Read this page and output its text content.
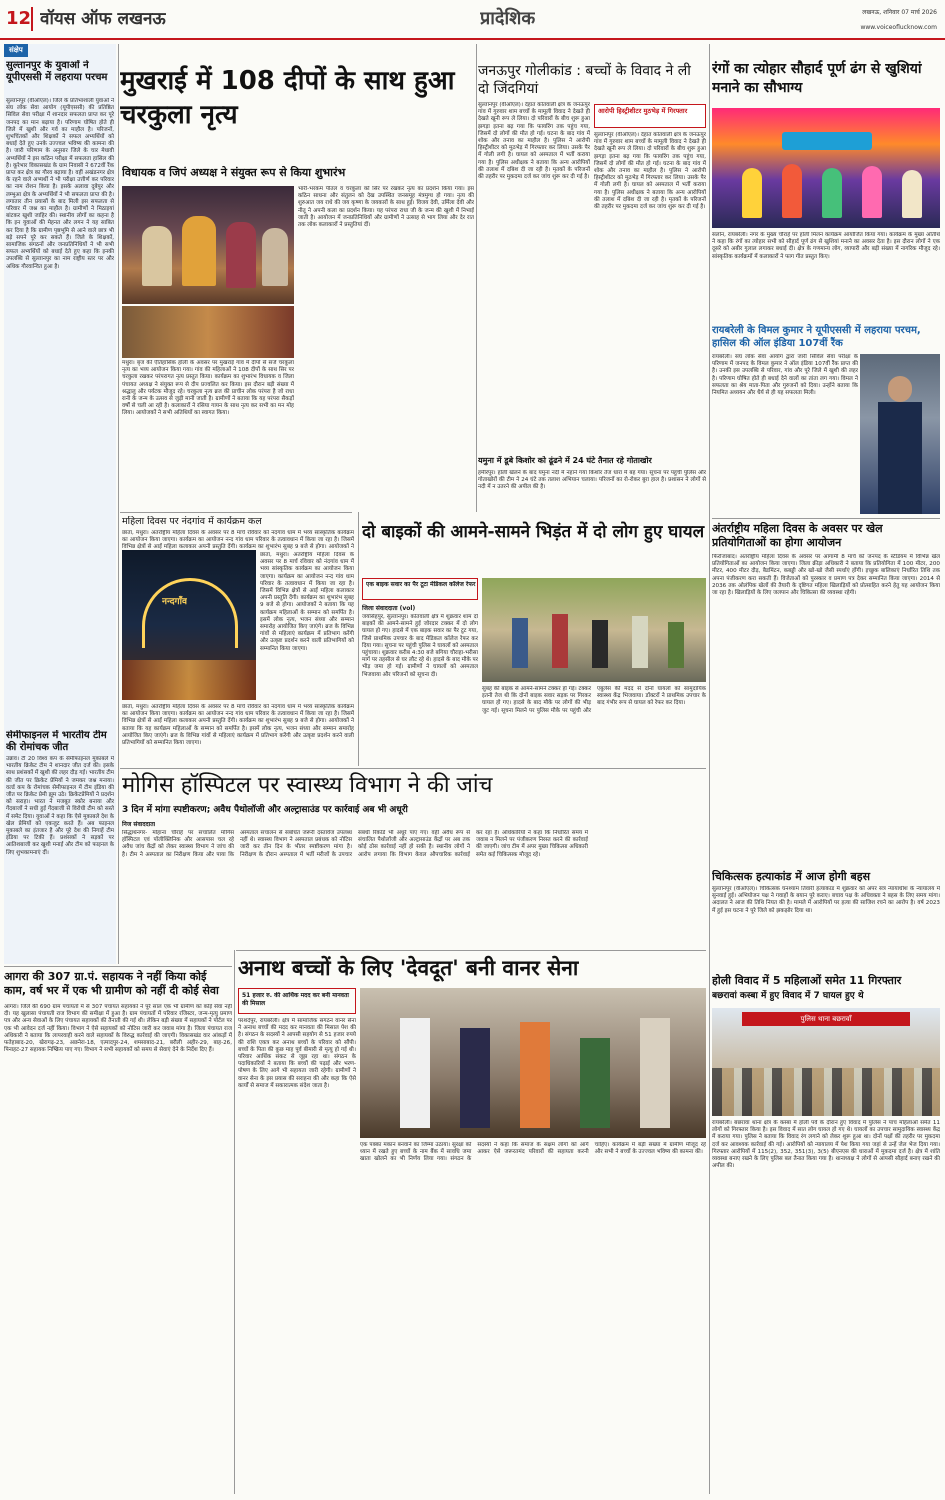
12 वॉयस ऑफ लखनऊ	प्रादेशिक	लखनऊ, शनिवार 07 मार्च 2026
www.voiceoflucknow.com
संक्षेप
सुल्तानपुर के युवाओं ने यूपीएससी में लहराया परचम
सुल्तानपुर (वीओएल)। जिले के प्रतिभाशाली युवाओं ने संघ लोक सेवा आयोग (यूपीएससी) की प्रतिष्ठित सिविल सेवा परीक्षा में शानदार सफलता प्राप्त कर पूरे जनपद का मान बढ़ाया है। परिणाम घोषित होते ही जिले में खुशी और गर्व का माहौल है। परिजनों, शुभचिंतकों और शिक्षकों ने सफल अभ्यर्थियों को बधाई देते हुए उनके उज्ज्वल भविष्य की कामना की है। जारी परिणाम के अनुसार जिले के चार मेधावी अभ्यर्थियों ने इस कठिन परीक्षा में सफलता हासिल की है। कूरेभार विकासखंड के ग्राम निवासी ने 672वीं रैंक प्राप्त कर क्षेत्र का गौरव बढ़ाया है। वहीं अखंडनगर क्षेत्र के रहने वाले अभ्यर्थी ने भी परीक्षा उत्तीर्ण कर परिवार का नाम रोशन किया है। इसके अलावा दूबेपुर और लम्भुआ क्षेत्र के अभ्यर्थियों ने भी सफलता प्राप्त की है। लगातार तीन प्रयासों के बाद मिली इस सफलता से परिवार में जश्न का माहौल है। ग्रामीणों ने मिठाइयां बांटकर खुशी जाहिर की। स्थानीय लोगों का कहना है कि इन युवाओं की मेहनत और लगन ने यह साबित कर दिया है कि ग्रामीण पृष्ठभूमि से आने वाले छात्र भी बड़े सपने पूरे कर सकते हैं। जिले के शिक्षकों, सामाजिक संगठनों और जनप्रतिनिधियों ने भी सभी सफल अभ्यर्थियों को बधाई देते हुए कहा कि इनकी उपलब्धि से सुल्तानपुर का नाम राष्ट्रीय स्तर पर और अधिक गौरवान्वित हुआ है।
सेमीफाइनल में भारतीय टीम की रोमांचक जीत
उन्नाव। टी 20 विश्व कप के सेमीफाइनल मुकाबले में भारतीय क्रिकेट टीम ने शानदार जीत दर्ज की। इसके साथ प्रशंसकों में खुशी की लहर दौड़ गई। भारतीय टीम की जीत पर क्रिकेट प्रेमियों ने जमकर जश्न मनाया। वर्ल्ड कप के रोमांचक सेमीफाइनल में टीम इंडिया की जीत पर क्रिकेट प्रेमी झूम उठे। क्रिकेटप्रेमियों ने प्रदर्शन को सराहा। भारत ने मजबूत स्कोर बनाया और गेंदबाजों ने सधी हुई गेंदबाजी से विरोधी टीम को सस्ते में समेट दिया। युवाओं ने कहा कि ऐसे मुकाबले देश के खेल प्रेमियों को एकजुट करते हैं। अब फाइनल मुकाबले का इंतजार है और पूरे देश की निगाहें टीम इंडिया पर टिकी हैं। प्रशंसकों ने सड़कों पर आतिशबाजी कर खुशी मनाई और टीम को फाइनल के लिए शुभकामनाएं दीं।
मुखराई में 108 दीपों के साथ हुआ चरकुला नृत्य
विधायक व जिपं अध्यक्ष ने संयुक्त रूप से किया शुभारंभ
मथुरा। बृज की ऐतिहासिक होली के अवसर पर मुखराई गांव में दीपों से सजे चरकुला नृत्य का भव्य आयोजन किया गया। गांव की महिलाओं ने 108 दीपों के साथ सिर पर चरकुला रखकर परंपरागत नृत्य प्रस्तुत किया। कार्यक्रम का शुभारंभ विधायक व जिला पंचायत अध्यक्ष ने संयुक्त रूप से दीप प्रज्वलित कर किया। इस दौरान बड़ी संख्या में श्रद्धालु और पर्यटक मौजूद रहे। चरकुला नृत्य ब्रज की प्राचीन लोक परंपरा है जो राधा रानी के जन्म के उत्सव से जुड़ी मानी जाती है। ग्रामीणों ने बताया कि यह परंपरा सैकड़ों वर्षों से चली आ रही है। कलाकारों ने रसिया गायन के साथ नृत्य कर सभी का मन मोह लिया। आयोजकों ने सभी अतिथियों का स्वागत किया।
भारी-भरकम पीतल व चरकुला को सिर पर रखकर नृत्य का प्रदर्शन किया गया। इस कठिन साधना और संतुलन को देख उपस्थित जनसमूह मंत्रमुग्ध हो गया। नृत्य की शुरुआत जय राधे की जय कृष्णा के जयकारों के साथ हुई। विजय देवी, उर्मिला देवी और नीतू ने अपनी कला का प्रदर्शन किया। यह परंपरा राधा जी के जन्म की खुशी में निभाई जाती है। आयोजन में जनप्रतिनिधियों और ग्रामीणों ने उत्साह से भाग लिया और देर रात तक लोक कलाकारों ने प्रस्तुतियां दीं।
जनऊपुर गोलीकांड : बच्चों के विवाद ने ली दो जिंदगियां
सुल्तानपुर (वीओएल)। देहात कोतवाली क्षेत्र के जनऊपुर गांव में गुरुवार शाम बच्चों के मामूली विवाद ने देखते ही देखते खूनी रूप ले लिया। दो परिवारों के बीच शुरू हुआ झगड़ा इतना बढ़ गया कि फायरिंग तक पहुंच गया, जिसमें दो लोगों की मौत हो गई। घटना के बाद गांव में शोक और तनाव का माहौल है। पुलिस ने आरोपी हिस्ट्रीशीटर को मुठभेड़ में गिरफ्तार कर लिया। उसके पैर में गोली लगी है। घायल को अस्पताल में भर्ती कराया गया है। पुलिस अधीक्षक ने बताया कि अन्य आरोपियों की तलाश में दबिश दी जा रही है। मृतकों के परिजनों की तहरीर पर मुकदमा दर्ज कर जांच शुरू कर दी गई है।
आरोपी हिस्ट्रीशीटर मुठभेड़ में गिरफ्तार
सुल्तानपुर (वीओएल)। देहात कोतवाली क्षेत्र के जनऊपुर गांव में गुरुवार शाम बच्चों के मामूली विवाद ने देखते ही देखते खूनी रूप ले लिया। दो परिवारों के बीच शुरू हुआ झगड़ा इतना बढ़ गया कि फायरिंग तक पहुंच गया, जिसमें दो लोगों की मौत हो गई। घटना के बाद गांव में शोक और तनाव का माहौल है। पुलिस ने आरोपी हिस्ट्रीशीटर को मुठभेड़ में गिरफ्तार कर लिया। उसके पैर में गोली लगी है। घायल को अस्पताल में भर्ती कराया गया है। पुलिस अधीक्षक ने बताया कि अन्य आरोपियों की तलाश में दबिश दी जा रही है। मृतकों के परिजनों की तहरीर पर मुकदमा दर्ज कर जांच शुरू कर दी गई है।
यमुना में डूबे किशोर को ढूंढने में 24 घंटे तैनात रहे गोताखोर
हमीरपुर। होली खेलने के बाद यमुना नदी में नहाने गया किशोर तेज धारा में बह गया। सूचना पर पहुंची पुलिस और गोताखोरों की टीम ने 24 घंटे तक तलाश अभियान चलाया। परिजनों का रो-रोकर बुरा हाल है। प्रशासन ने लोगों से नदी में न उतरने की अपील की है।
रंगों का त्योहार सौहार्द पूर्ण ढंग से खुशियां मनाने का सौभाग्य
सलोन, रायबरेली। नगर के मुख्य चौराहे पर होली मिलन कार्यक्रम आयोजित किया गया। कार्यक्रम के मुख्य अतिथि ने कहा कि रंगों का त्योहार सभी को सौहार्द पूर्ण ढंग से खुशियां मनाने का अवसर देता है। इस दौरान लोगों ने एक दूसरे को अबीर गुलाल लगाकर बधाई दी। क्षेत्र के गणमान्य लोग, व्यापारी और बड़ी संख्या में नागरिक मौजूद रहे। सांस्कृतिक कार्यक्रमों में कलाकारों ने फाग गीत प्रस्तुत किए।
रायबरेली के विमल कुमार ने यूपीएससी में लहराया परचम, हासिल की ऑल इंडिया 107वीं रैंक
रायबरेली। संघ लोक सेवा आयोग द्वारा जारी सिविल सेवा परीक्षा के परिणाम में जनपद के विमल कुमार ने ऑल इंडिया 107वीं रैंक प्राप्त की है। उनकी इस उपलब्धि से परिवार, गांव और पूरे जिले में खुशी की लहर है। परिणाम घोषित होते ही बधाई देने वालों का तांता लग गया। विमल ने सफलता का श्रेय माता-पिता और गुरुजनों को दिया। उन्होंने बताया कि नियमित अध्ययन और धैर्य से ही यह सफलता मिली।
अंतर्राष्ट्रीय महिला दिवस के अवसर पर खेल प्रतियोगिताओं का होगा आयोजन
फिरोजाबाद। अंतर्राष्ट्रीय महिला दिवस के अवसर पर आगामी 8 मार्च को जनपद के स्टेडियम में विभिन्न खेल प्रतियोगिताओं का आयोजन किया जाएगा। जिला क्रीड़ा अधिकारी ने बताया कि प्रतियोगिता में 100 मीटर, 200 मीटर, 400 मीटर दौड़, बैडमिंटन, कबड्डी और खो-खो जैसी स्पर्धाएं होंगी। इच्छुक बालिकाएं निर्धारित तिथि तक अपना पंजीकरण करा सकती हैं। विजेताओं को पुरस्कार व प्रमाण पत्र देकर सम्मानित किया जाएगा। 2014 से 2036 तक ओलंपिक खेलों की तैयारी के दृष्टिगत महिला खिलाड़ियों को प्रोत्साहित करने हेतु यह आयोजन किया जा रहा है। खिलाड़ियों के लिए जलपान और चिकित्सा की व्यवस्था रहेगी।
महिला दिवस पर नंदगांव में कार्यक्रम कल
छाता, मथुरा। अंतर्राष्ट्रीय महिला दिवस के अवसर पर 8 मार्च रविवार को नंदगांव धाम में भव्य सांस्कृतिक कार्यक्रम का आयोजन किया जाएगा। कार्यक्रम का आयोजन नन्द गांव धाम परिवार के तत्वावधान में किया जा रहा है। जिसमें विभिन्न क्षेत्रों से आईं महिला कलाकार अपनी प्रस्तुति देंगी। कार्यक्रम का शुभारंभ सुबह 9 बजे से होगा। आयोजकों ने
नन्दगाँव
छाता, मथुरा। अंतर्राष्ट्रीय महिला दिवस के अवसर पर 8 मार्च रविवार को नंदगांव धाम में भव्य सांस्कृतिक कार्यक्रम का आयोजन किया जाएगा। कार्यक्रम का आयोजन नन्द गांव धाम परिवार के तत्वावधान में किया जा रहा है। जिसमें विभिन्न क्षेत्रों से आईं महिला कलाकार अपनी प्रस्तुति देंगी। कार्यक्रम का शुभारंभ सुबह 9 बजे से होगा। आयोजकों ने बताया कि यह कार्यक्रम महिलाओं के सम्मान को समर्पित है। इसमें लोक नृत्य, भजन संध्या और सम्मान समारोह आयोजित किए जाएंगे। ब्रज के विभिन्न गांवों से महिलाएं कार्यक्रम में प्रतिभाग करेंगी और उत्कृष्ट प्रदर्शन करने वाली प्रतिभागियों को सम्मानित किया जाएगा।
छाता, मथुरा। अंतर्राष्ट्रीय महिला दिवस के अवसर पर 8 मार्च रविवार को नंदगांव धाम में भव्य सांस्कृतिक कार्यक्रम का आयोजन किया जाएगा। कार्यक्रम का आयोजन नन्द गांव धाम परिवार के तत्वावधान में किया जा रहा है। जिसमें विभिन्न क्षेत्रों से आईं महिला कलाकार अपनी प्रस्तुति देंगी। कार्यक्रम का शुभारंभ सुबह 9 बजे से होगा। आयोजकों ने बताया कि यह कार्यक्रम महिलाओं के सम्मान को समर्पित है। इसमें लोक नृत्य, भजन संध्या और सम्मान समारोह आयोजित किए जाएंगे। ब्रज के विभिन्न गांवों से महिलाएं कार्यक्रम में प्रतिभाग करेंगी और उत्कृष्ट प्रदर्शन करने वाली प्रतिभागियों को सम्मानित किया जाएगा।
दो बाइकों की आमने-सामने भिड़ंत में दो लोग हुए घायल
एक बाइक सवार का पैर टूटा मेडिकल कॉलेज रेफर
जिला संवाददाता (vol)
जयसिंहपुर, सुल्तानपुर। कोतवाली क्षेत्र में शुक्रवार शाम दो बाइकों की आमने-सामने हुई जोरदार टक्कर में दो लोग घायल हो गए। हादसे में एक बाइक सवार का पैर टूट गया, जिसे प्राथमिक उपचार के बाद मेडिकल कॉलेज रेफर कर दिया गया। सूचना पर पहुंची पुलिस ने घायलों को अस्पताल पहुंचाया। शुक्रवार करीब 4:30 बजे बगिया चौराहा-भरीसा मार्ग पर तहसील से घर लौट रहे थे। हादसे के बाद मौके पर भीड़ जमा हो गई। ग्रामीणों ने घायलों को अस्पताल भिजवाया और परिजनों को सूचना दी।
सुबह की बाइक से आमने-सामने टक्कर हो गई। टक्कर इतनी तेज थी कि दोनों बाइक सवार सड़क पर गिरकर घायल हो गए। हादसे के बाद मौके पर लोगों की भीड़ जुट गई। सूचना मिलने पर पुलिस मौके पर पहुंची और एंबुलेंस की मदद से दोनों घायलों को सामुदायिक स्वास्थ्य केंद्र भिजवाया। डॉक्टरों ने प्राथमिक उपचार के बाद गंभीर रूप से घायल को रेफर कर दिया।
मोगिस हॉस्पिटल पर स्वास्थ्य विभाग ने की जांच
3 दिन में मांगा स्पष्टीकरण; अवैध पैथोलॉजी और अल्ट्रासाउंड पर कार्रवाई अब भी अधूरी
निज संवाददाता
सिद्धार्थनगर- मोहाना चौराहे पर संचालित मोगिस हॉस्पिटल एवं पॉलीक्लिनिक और आसपास चल रहे अवैध जांच केंद्रों को लेकर स्वास्थ्य विभाग ने जांच की है। टीम ने अस्पताल का निरीक्षण किया और पाया कि अस्पताल संचालन से संबंधित जरूरी दस्तावेज उपलब्ध नहीं थे। स्वास्थ्य विभाग ने अस्पताल प्रबंधक को नोटिस जारी कर तीन दिन के भीतर स्पष्टीकरण मांगा है। निरीक्षण के दौरान अस्पताल में भर्ती मरीजों के उपचार संबंधी रिकॉर्ड भी अधूरे पाए गए। वहीं अवैध रूप से संचालित पैथोलॉजी और अल्ट्रासाउंड केंद्रों पर अब तक कोई ठोस कार्रवाई नहीं हो सकी है। स्थानीय लोगों ने आरोप लगाया कि विभाग केवल औपचारिक कार्रवाई कर रहा है। अधिकारियों ने कहा कि निर्धारित समय में जवाब न मिलने पर पंजीकरण निरस्त करने की कार्रवाई की जाएगी। जांच टीम में अपर मुख्य चिकित्सा अधिकारी समेत कई चिकित्सक मौजूद रहे।
चिकित्सक हत्याकांड में आज होगी बहस
सुल्तानपुर (वीओएल)। चिकित्सक घनश्याम तिवारी हत्याकांड में शुक्रवार को अपर सत्र न्यायाधीश के न्यायालय में सुनवाई हुई। अभियोजन पक्ष ने गवाहों के बयान पूरे कराए। बचाव पक्ष के अधिवक्ता ने बहस के लिए समय मांगा। अदालत ने आज की तिथि नियत की है। मामले में आरोपियों पर हत्या की साजिश रचने का आरोप है। वर्ष 2023 में हुई इस घटना ने पूरे जिले को झकझोर दिया था।
होली विवाद में 5 महिलाओं समेत 11 गिरफ्तार
बछरावां कस्बा में हुए विवाद में 7 घायल हुए थे
पुलिस थाना बछरावाँ
रायबरेली। बछरावां थाना क्षेत्र के कस्बा में होली पर्व के दौरान हुए विवाद में पुलिस ने पांच महिलाओं समेत 11 लोगों को गिरफ्तार किया है। इस विवाद में सात लोग घायल हो गए थे। घायलों का उपचार सामुदायिक स्वास्थ्य केंद्र में कराया गया। पुलिस ने बताया कि विवाद रंग लगाने को लेकर शुरू हुआ था। दोनों पक्षों की तहरीर पर मुकदमा दर्ज कर आवश्यक कार्रवाई की गई। आरोपियों को न्यायालय में पेश किया गया जहां से उन्हें जेल भेज दिया गया। गिरफ्तार आरोपियों में 115(2), 352, 351(3), 3(5) बीएनएस की धाराओं में मुकदमा दर्ज है। क्षेत्र में शांति व्यवस्था बनाए रखने के लिए पुलिस बल तैनात किया गया है। थानाध्यक्ष ने लोगों से आपसी सौहार्द बनाए रखने की अपील की।
आगरा की 307 ग्रा.पं. सहायक ने नहीं किया कोई काम, वर्ष भर में एक भी ग्रामीण को नहीं दी कोई सेवा
आगरा। जिले की 690 ग्राम पंचायतों में से 307 पंचायत सहायकों ने पूरे साल एक भी ग्रामीण को कोई सेवा नहीं दी। यह खुलासा पंचायती राज विभाग की समीक्षा में हुआ है। ग्राम पंचायतों में परिवार रजिस्टर, जन्म-मृत्यु प्रमाण पत्र और अन्य सेवाओं के लिए पंचायत सहायकों की तैनाती की गई थी। लेकिन बड़ी संख्या में सहायकों ने पोर्टल पर एक भी आवेदन दर्ज नहीं किया। विभाग ने ऐसे सहायकों को नोटिस जारी कर जवाब मांगा है। जिला पंचायत राज अधिकारी ने बताया कि लापरवाही करने वाले सहायकों के विरुद्ध कार्रवाई की जाएगी। विकासखंड वार आंकड़ों में फतेहाबाद-20, खेरागढ़-23, अछनेरा-18, एत्मादपुर-24, शमसाबाद-21, बरौली अहीर-29, बाह-26, पिनाहट-27 सहायक निष्क्रिय पाए गए। विभाग ने सभी सहायकों को समय से सेवाएं देने के निर्देश दिए हैं।
अनाथ बच्चों के लिए 'देवदूत' बनी वानर सेना
51 हजार रु. की आर्थिक मदद कर बनी मानवता की मिसाल
परशदेपुर, रायबरेली। क्षेत्र में सामाजिक संगठन वानर सेना ने अनाथ बच्चों की मदद कर मानवता की मिसाल पेश की है। संगठन के सदस्यों ने आपसी सहयोग से 51 हजार रुपये की राशि एकत्र कर अनाथ बच्चों के परिवार को सौंपी। बच्चों के पिता की कुछ माह पूर्व बीमारी से मृत्यु हो गई थी। परिवार आर्थिक संकट से जूझ रहा था। संगठन के पदाधिकारियों ने बताया कि बच्चों की पढ़ाई और भरण-पोषण के लिए आगे भी सहायता जारी रहेगी। ग्रामीणों ने वानर सेना के इस प्रयास की सराहना की और कहा कि ऐसे कार्यों से समाज में सकारात्मक संदेश जाता है।
एक पक्का मकान बनवाने का जिम्मा उठाया। सुरक्षा को ध्यान में रखते हुए बच्चों के नाम बैंक में सावधि जमा खाता खोलने का भी निर्णय लिया गया। संगठन के सदस्यों ने कहा कि समाज के सक्षम लोगों को आगे आकर ऐसे जरूरतमंद परिवारों की सहायता करनी चाहिए। कार्यक्रम में बड़ी संख्या में ग्रामीण मौजूद रहे और सभी ने बच्चों के उज्ज्वल भविष्य की कामना की।
